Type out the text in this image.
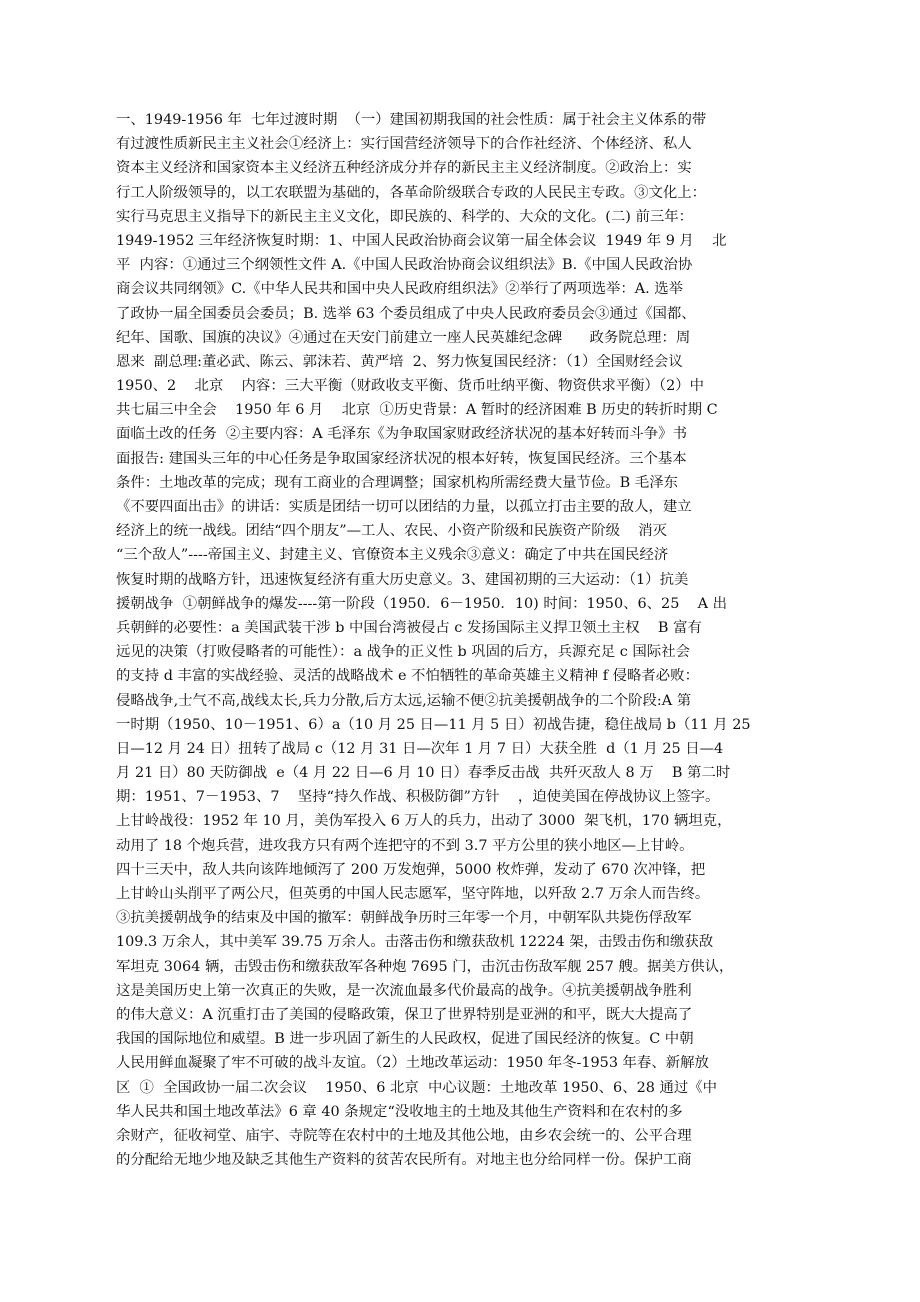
一、1949-1956 年  七年过渡时期  （一）建国初期我国的社会性质：属于社会主义体系的带
有过渡性质新民主主义社会①经济上：实行国营经济领导下的合作社经济、个体经济、私人
资本主义经济和国家资本主义经济五种经济成分并存的新民主主义经济制度。②政治上：实
行工人阶级领导的，以工农联盟为基础的，各革命阶级联合专政的人民民主专政。③文化上：
实行马克思主义指导下的新民主主义文化，即民族的、科学的、大众的文化。(二) 前三年：
1949-1952 三年经济恢复时期：1、中国人民政治协商会议第一届全体会议  1949 年 9 月    北
平  内容：①通过三个纲领性文件 A.《中国人民政治协商会议组织法》B.《中国人民政治协
商会议共同纲领》C.《中华人民共和国中央人民政府组织法》②举行了两项选举：A. 选举
了政协一届全国委员会委员；B. 选举 63 个委员组成了中央人民政府委员会③通过《国都、
纪年、国歌、国旗的决议》④通过在天安门前建立一座人民英雄纪念碑      政务院总理：周
恩来  副总理:董必武、陈云、郭沫若、黄严培  2、努力恢复国民经济：（1）全国财经会议
1950、2    北京    内容：三大平衡（财政收支平衡、货币吐纳平衡、物资供求平衡）（2）中
共七届三中全会    1950 年 6 月    北京  ①历史背景：A 暂时的经济困难 B 历史的转折时期 C
面临土改的任务  ②主要内容：A 毛泽东《为争取国家财政经济状况的基本好转而斗争》书
面报告: 建国头三年的中心任务是争取国家经济状况的根本好转，恢复国民经济。三个基本
条件：土地改革的完成；现有工商业的合理调整；国家机构所需经费大量节俭。B 毛泽东
《不要四面出击》的讲话：实质是团结一切可以团结的力量，以孤立打击主要的敌人，建立
经济上的统一战线。团结“四个朋友”—工人、农民、小资产阶级和民族资产阶级    消灭
“三个敌人”----帝国主义、封建主义、官僚资本主义残余③意义：确定了中共在国民经济
恢复时期的战略方针，迅速恢复经济有重大历史意义。3、建国初期的三大运动：（1）抗美
援朝战争  ①朝鲜战争的爆发----第一阶段（1950．6－1950．10) 时间：1950、6、25    A 出
兵朝鲜的必要性：a 美国武装干涉 b 中国台湾被侵占 c 发扬国际主义捍卫领土主权    B 富有
远见的决策（打败侵略者的可能性）：a 战争的正义性 b 巩固的后方，兵源充足 c 国际社会
的支持 d 丰富的实战经验、灵活的战略战术 e 不怕牺牲的革命英雄主义精神 f 侵略者必败：
侵略战争,士气不高,战线太长,兵力分散,后方太远,运输不便②抗美援朝战争的二个阶段:A 第
一时期（1950、10－1951、6）a（10 月 25 日—11 月 5 日）初战告捷，稳住战局 b（11 月 25
日—12 月 24 日）扭转了战局 c（12 月 31 日—次年 1 月 7 日）大获全胜  d（1 月 25 日—4
月 21 日）80 天防御战  e（4 月 22 日—6 月 10 日）春季反击战  共歼灭敌人 8 万    B 第二时
期：1951、7－1953、7    坚持“持久作战、积极防御”方针    ，迫使美国在停战协议上签字。
上甘岭战役：1952 年 10 月，美伪军投入 6 万人的兵力，出动了 3000  架飞机，170 辆坦克，
动用了 18 个炮兵营，进攻我方只有两个连把守的不到 3.7 平方公里的狭小地区—上甘岭。
四十三天中，敌人共向该阵地倾泻了 200 万发炮弹，5000 枚炸弹，发动了 670 次冲锋，把
上甘岭山头削平了两公尺，但英勇的中国人民志愿军，坚守阵地，以歼敌 2.7 万余人而告终。
③抗美援朝战争的结束及中国的撤军：朝鲜战争历时三年零一个月，中朝军队共毙伤俘敌军
109.3 万余人，其中美军 39.75 万余人。击落击伤和缴获敌机 12224 架，击毁击伤和缴获敌
军坦克 3064 辆，击毁击伤和缴获敌军各种炮 7695 门，击沉击伤敌军舰 257 艘。据美方供认，
这是美国历史上第一次真正的失败，是一次流血最多代价最高的战争。④抗美援朝战争胜利
的伟大意义：A 沉重打击了美国的侵略政策，保卫了世界特别是亚洲的和平，既大大提高了
我国的国际地位和威望。B 进一步巩固了新生的人民政权，促进了国民经济的恢复。C 中朝
人民用鲜血凝聚了牢不可破的战斗友谊。（2）土地改革运动：1950 年冬-1953 年春、新解放
区  ①  全国政协一届二次会议    1950、6 北京  中心议题：土地改革 1950、6、28 通过《中
华人民共和国土地改革法》6 章 40 条规定“没收地主的土地及其他生产资料和在农村的多
余财产，征收祠堂、庙宇、寺院等在农村中的土地及其他公地，由乡农会统一的、公平合理
的分配给无地少地及缺乏其他生产资料的贫苦农民所有。对地主也分给同样一份。保护工商
